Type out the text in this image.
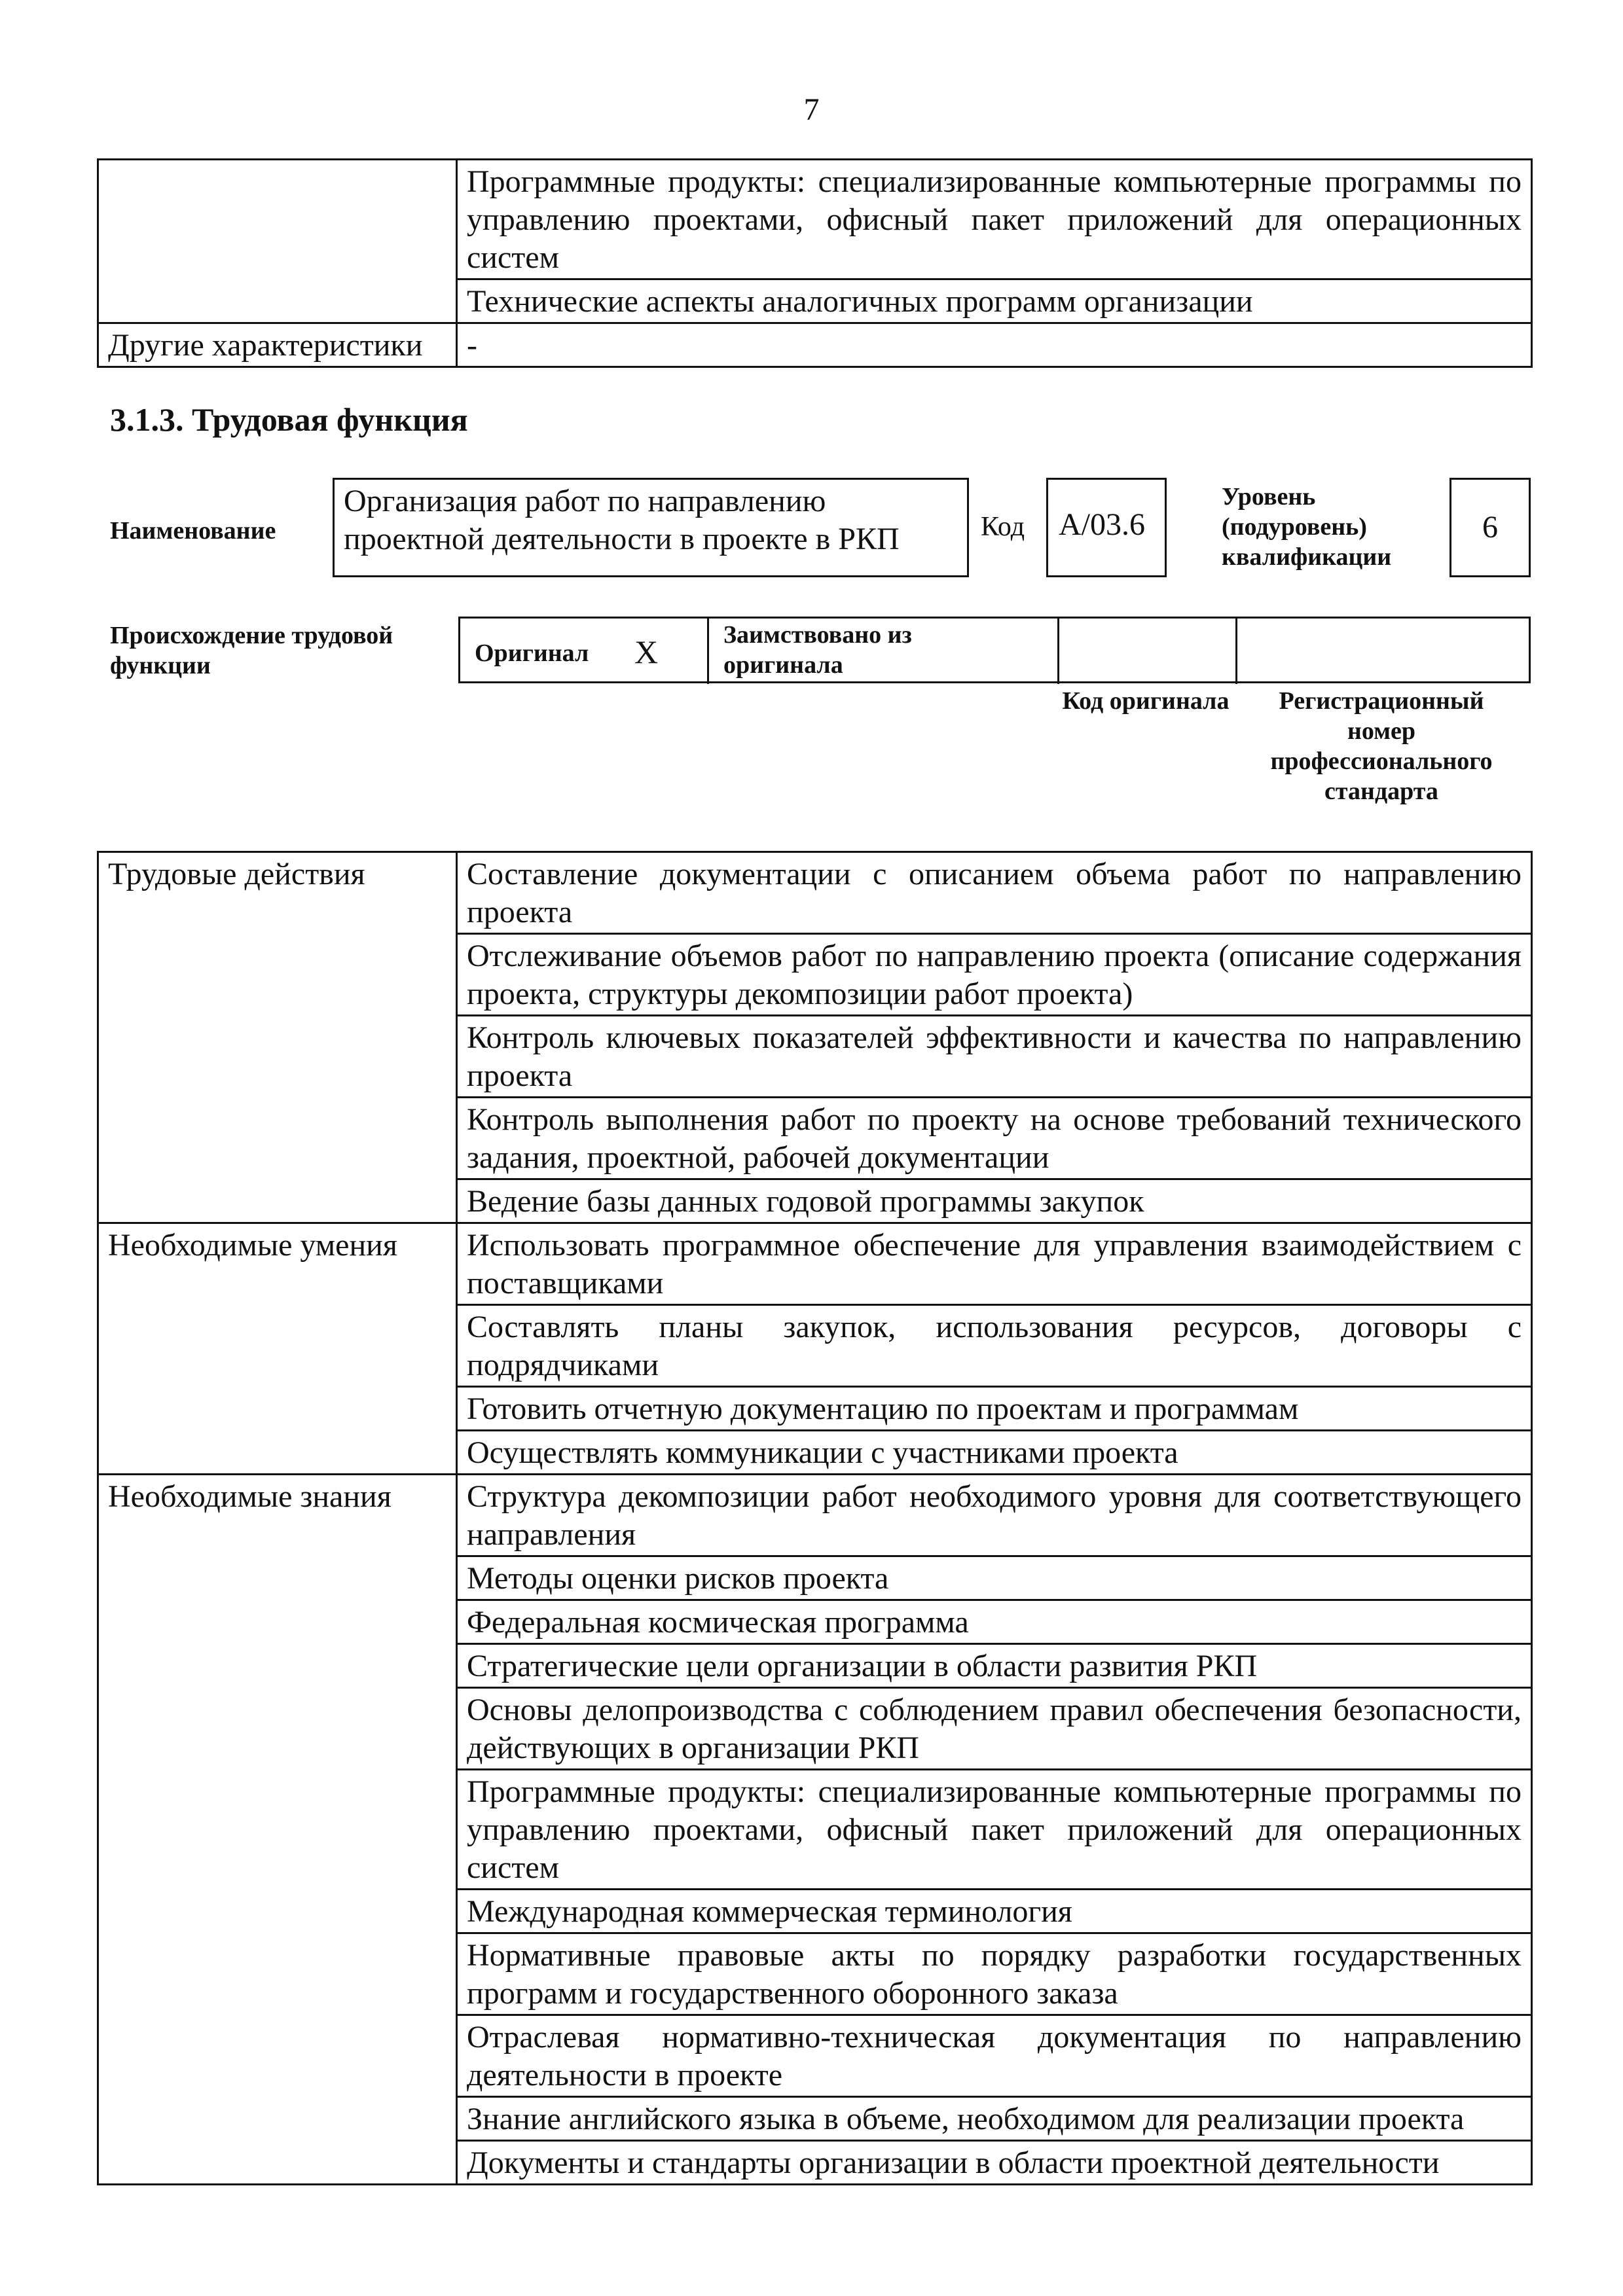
7
	Программные продукты: специализированные компьютерные программы по управлению проектами, офисный пакет приложений для операционных систем
	Технические аспекты аналогичных программ организации
Другие характеристики	-
3.1.3. Трудовая функция
Наименование
Организация работ по направлению проектной деятельности в проекте в РКП	Код А/03.6
Уровень (подуровень) квалификации
6
Происхождение трудовой функции	Оригинал X	Заимствовано из оригинала
Код оригинала	Регистрационный номер профессионального стандарта
Трудовые действия	Составление документации с описанием объема работ по направлению проекта
	Отслеживание объемов работ по направлению проекта (описание содержания проекта, структуры декомпозиции работ проекта)
	Контроль ключевых показателей эффективности и качества по направлению проекта
	Контроль выполнения работ по проекту на основе требований технического задания, проектной, рабочей документации
	Ведение базы данных годовой программы закупок
Необходимые умения	Использовать программное обеспечение для управления взаимодействием с поставщиками
	Составлять планы закупок, использования ресурсов, договоры с подрядчиками
	Готовить отчетную документацию по проектам и программам
	Осуществлять коммуникации с участниками проекта
Необходимые знания	Структура декомпозиции работ необходимого уровня для соответствующего направления
	Методы оценки рисков проекта
	Федеральная космическая программа
	Стратегические цели организации в области развития РКП
	Основы делопроизводства с соблюдением правил обеспечения безопасности, действующих в организации РКП
	Программные продукты: специализированные компьютерные программы по управлению проектами, офисный пакет приложений для операционных систем
	Международная коммерческая терминология
	Нормативные правовые акты по порядку разработки государственных программ и государственного оборонного заказа
	Отраслевая нормативно-техническая документация по направлению деятельности в проекте
	Знание английского языка в объеме, необходимом для реализации проекта
	Документы и стандарты организации в области проектной деятельности
